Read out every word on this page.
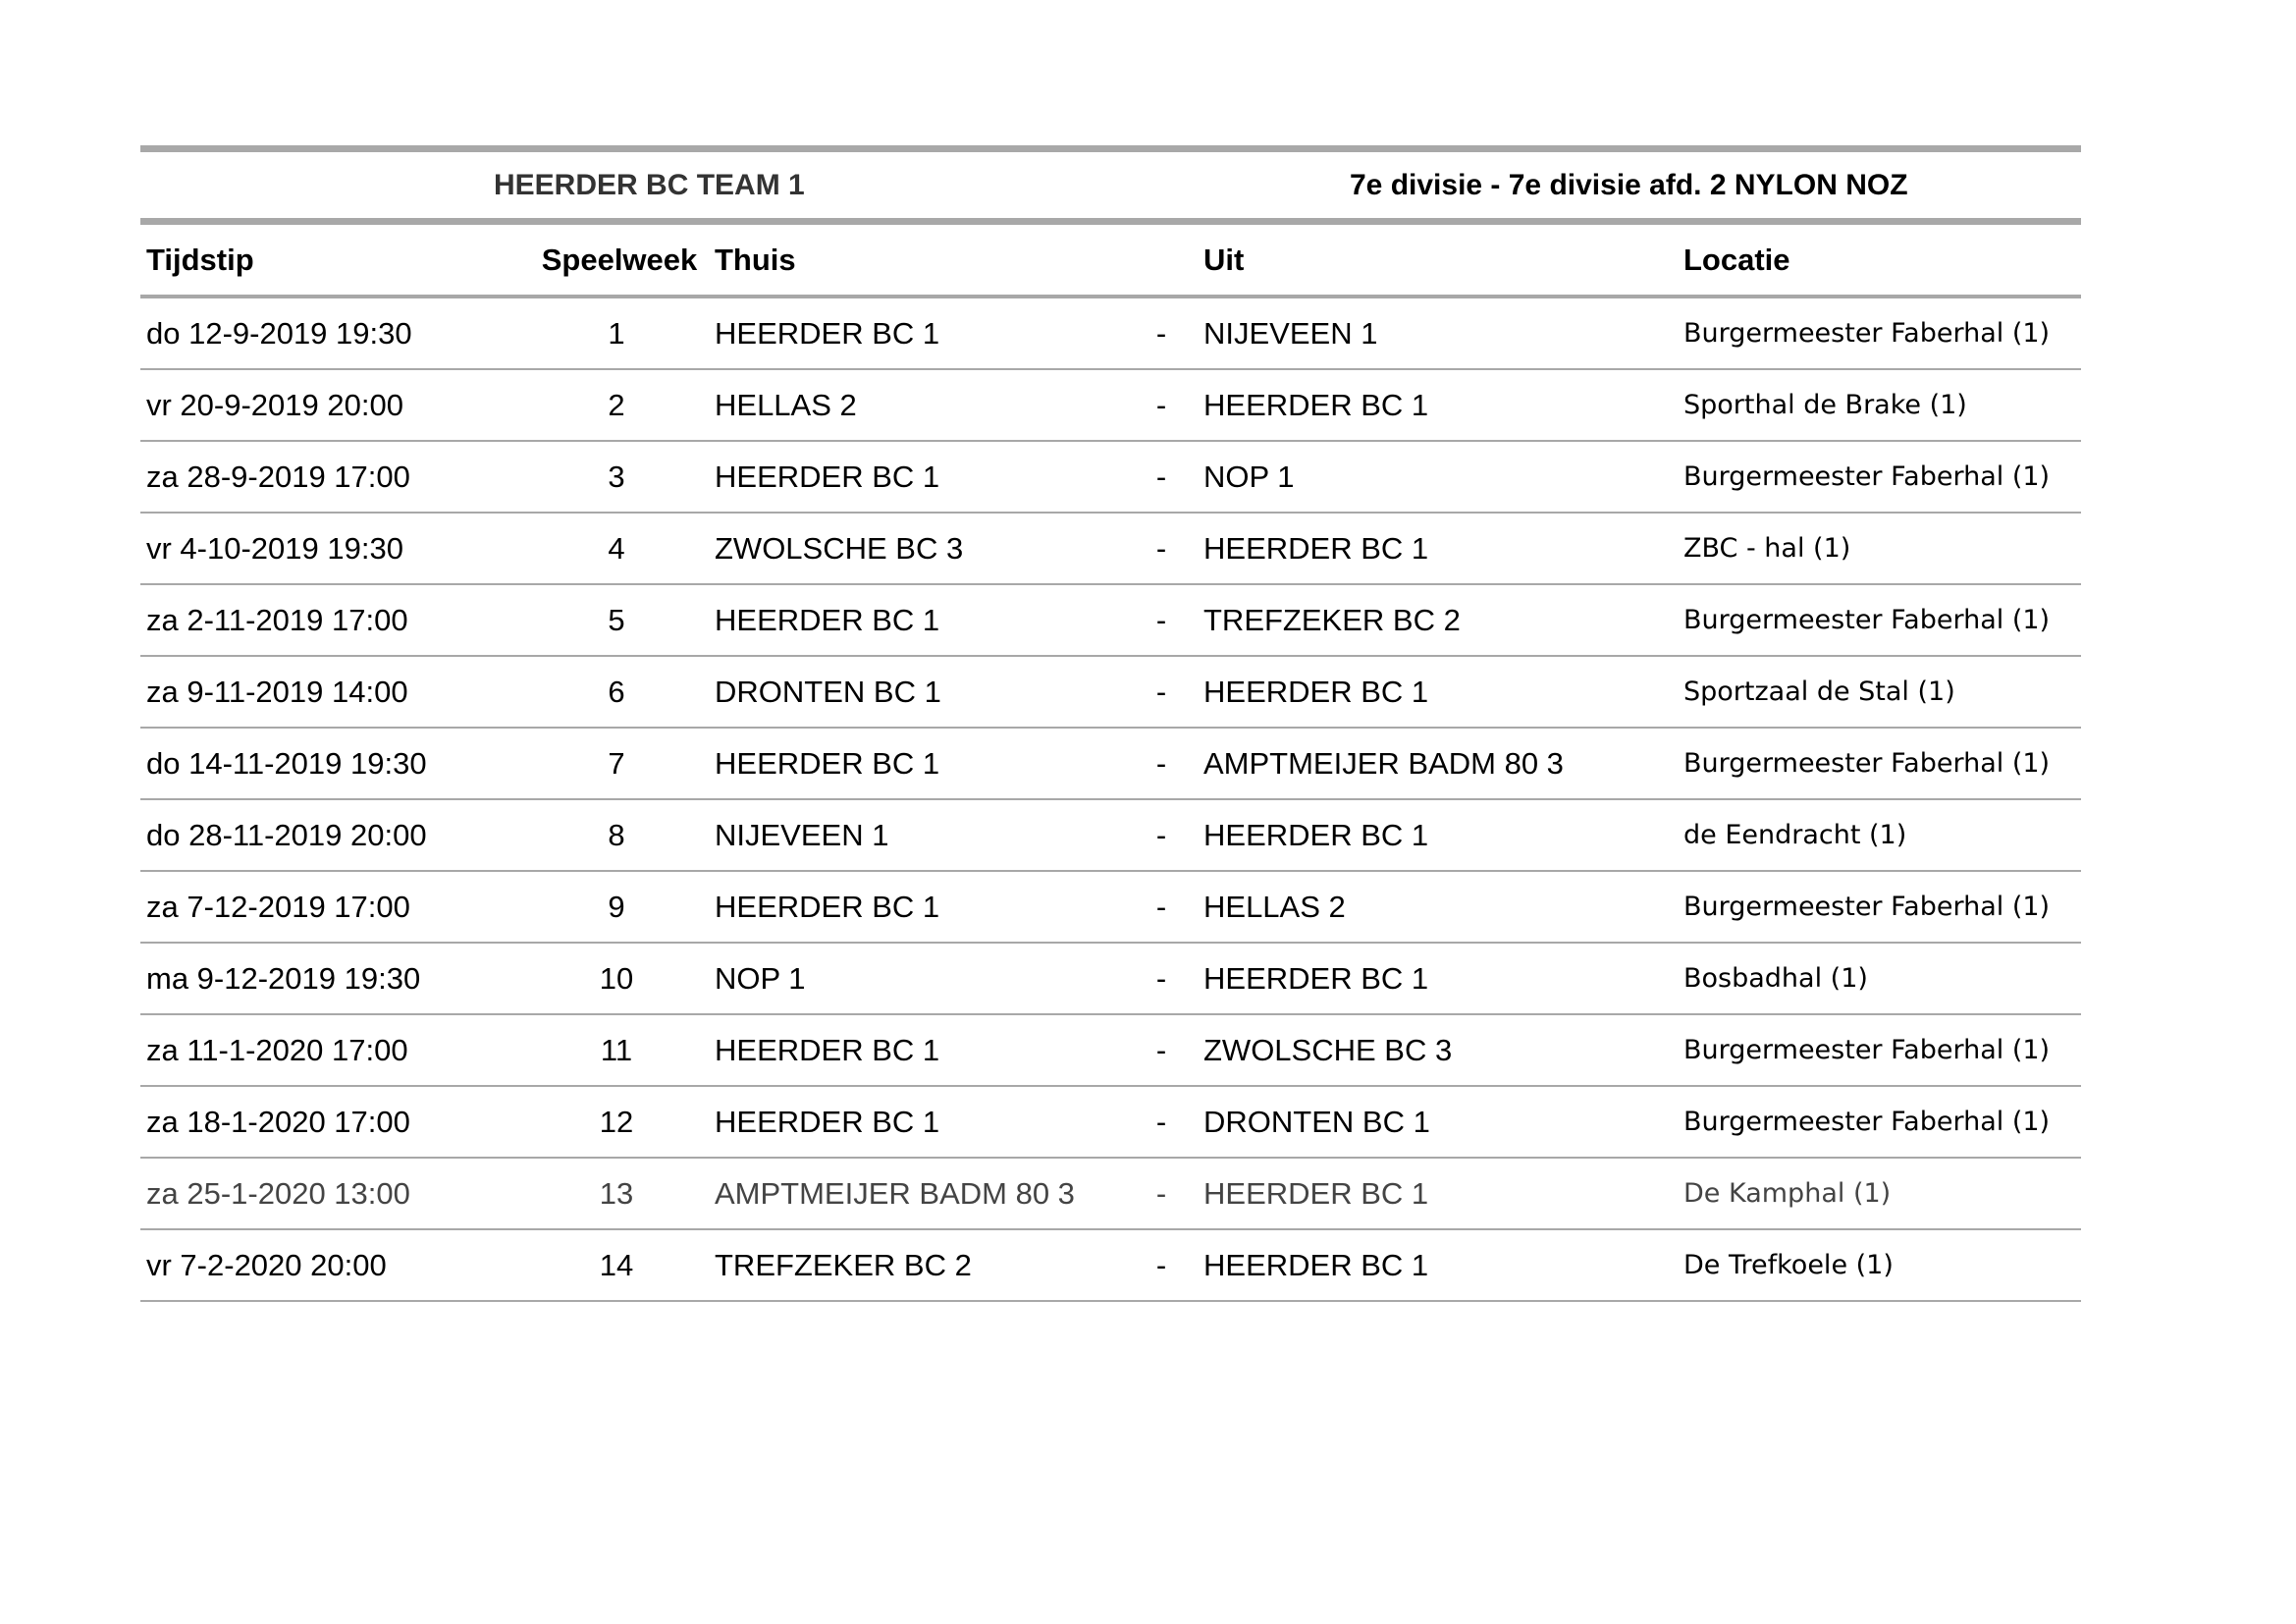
HEERDER BC TEAM 1	7e divisie - 7e divisie afd. 2 NYLON NOZ
Tijdstip	Speelweek Thuis	Uit	Locatie
do 12-9-2019 19:30	1	HEERDER BC 1	-	NIJEVEEN 1	Burgermeester Faberhal (1)
vr 20-9-2019 20:00	2	HELLAS 2	-	HEERDER BC 1	Sporthal de Brake (1)
za 28-9-2019 17:00	3	HEERDER BC 1	-	NOP 1	Burgermeester Faberhal (1)
vr 4-10-2019 19:30	4	ZWOLSCHE BC 3	-	HEERDER BC 1	ZBC - hal (1)
za 2-11-2019 17:00	5	HEERDER BC 1	-	TREFZEKER BC 2	Burgermeester Faberhal (1)
za 9-11-2019 14:00	6	DRONTEN BC 1	-	HEERDER BC 1	Sportzaal de Stal (1)
do 14-11-2019 19:30	7	HEERDER BC 1	-	AMPTMEIJER BADM 80 3	Burgermeester Faberhal (1)
do 28-11-2019 20:00	8	NIJEVEEN 1	-	HEERDER BC 1	de Eendracht (1)
za 7-12-2019 17:00	9	HEERDER BC 1	-	HELLAS 2	Burgermeester Faberhal (1)
ma 9-12-2019 19:30	10	NOP 1	-	HEERDER BC 1	Bosbadhal (1)
za 11-1-2020 17:00	11	HEERDER BC 1	-	ZWOLSCHE BC 3	Burgermeester Faberhal (1)
za 18-1-2020 17:00	12	HEERDER BC 1	-	DRONTEN BC 1	Burgermeester Faberhal (1)
za 25-1-2020 13:00	13	AMPTMEIJER BADM 80 3	-	HEERDER BC 1	De Kamphal (1)
vr 7-2-2020 20:00	14	TREFZEKER BC 2	-	HEERDER BC 1	De Trefkoele (1)
